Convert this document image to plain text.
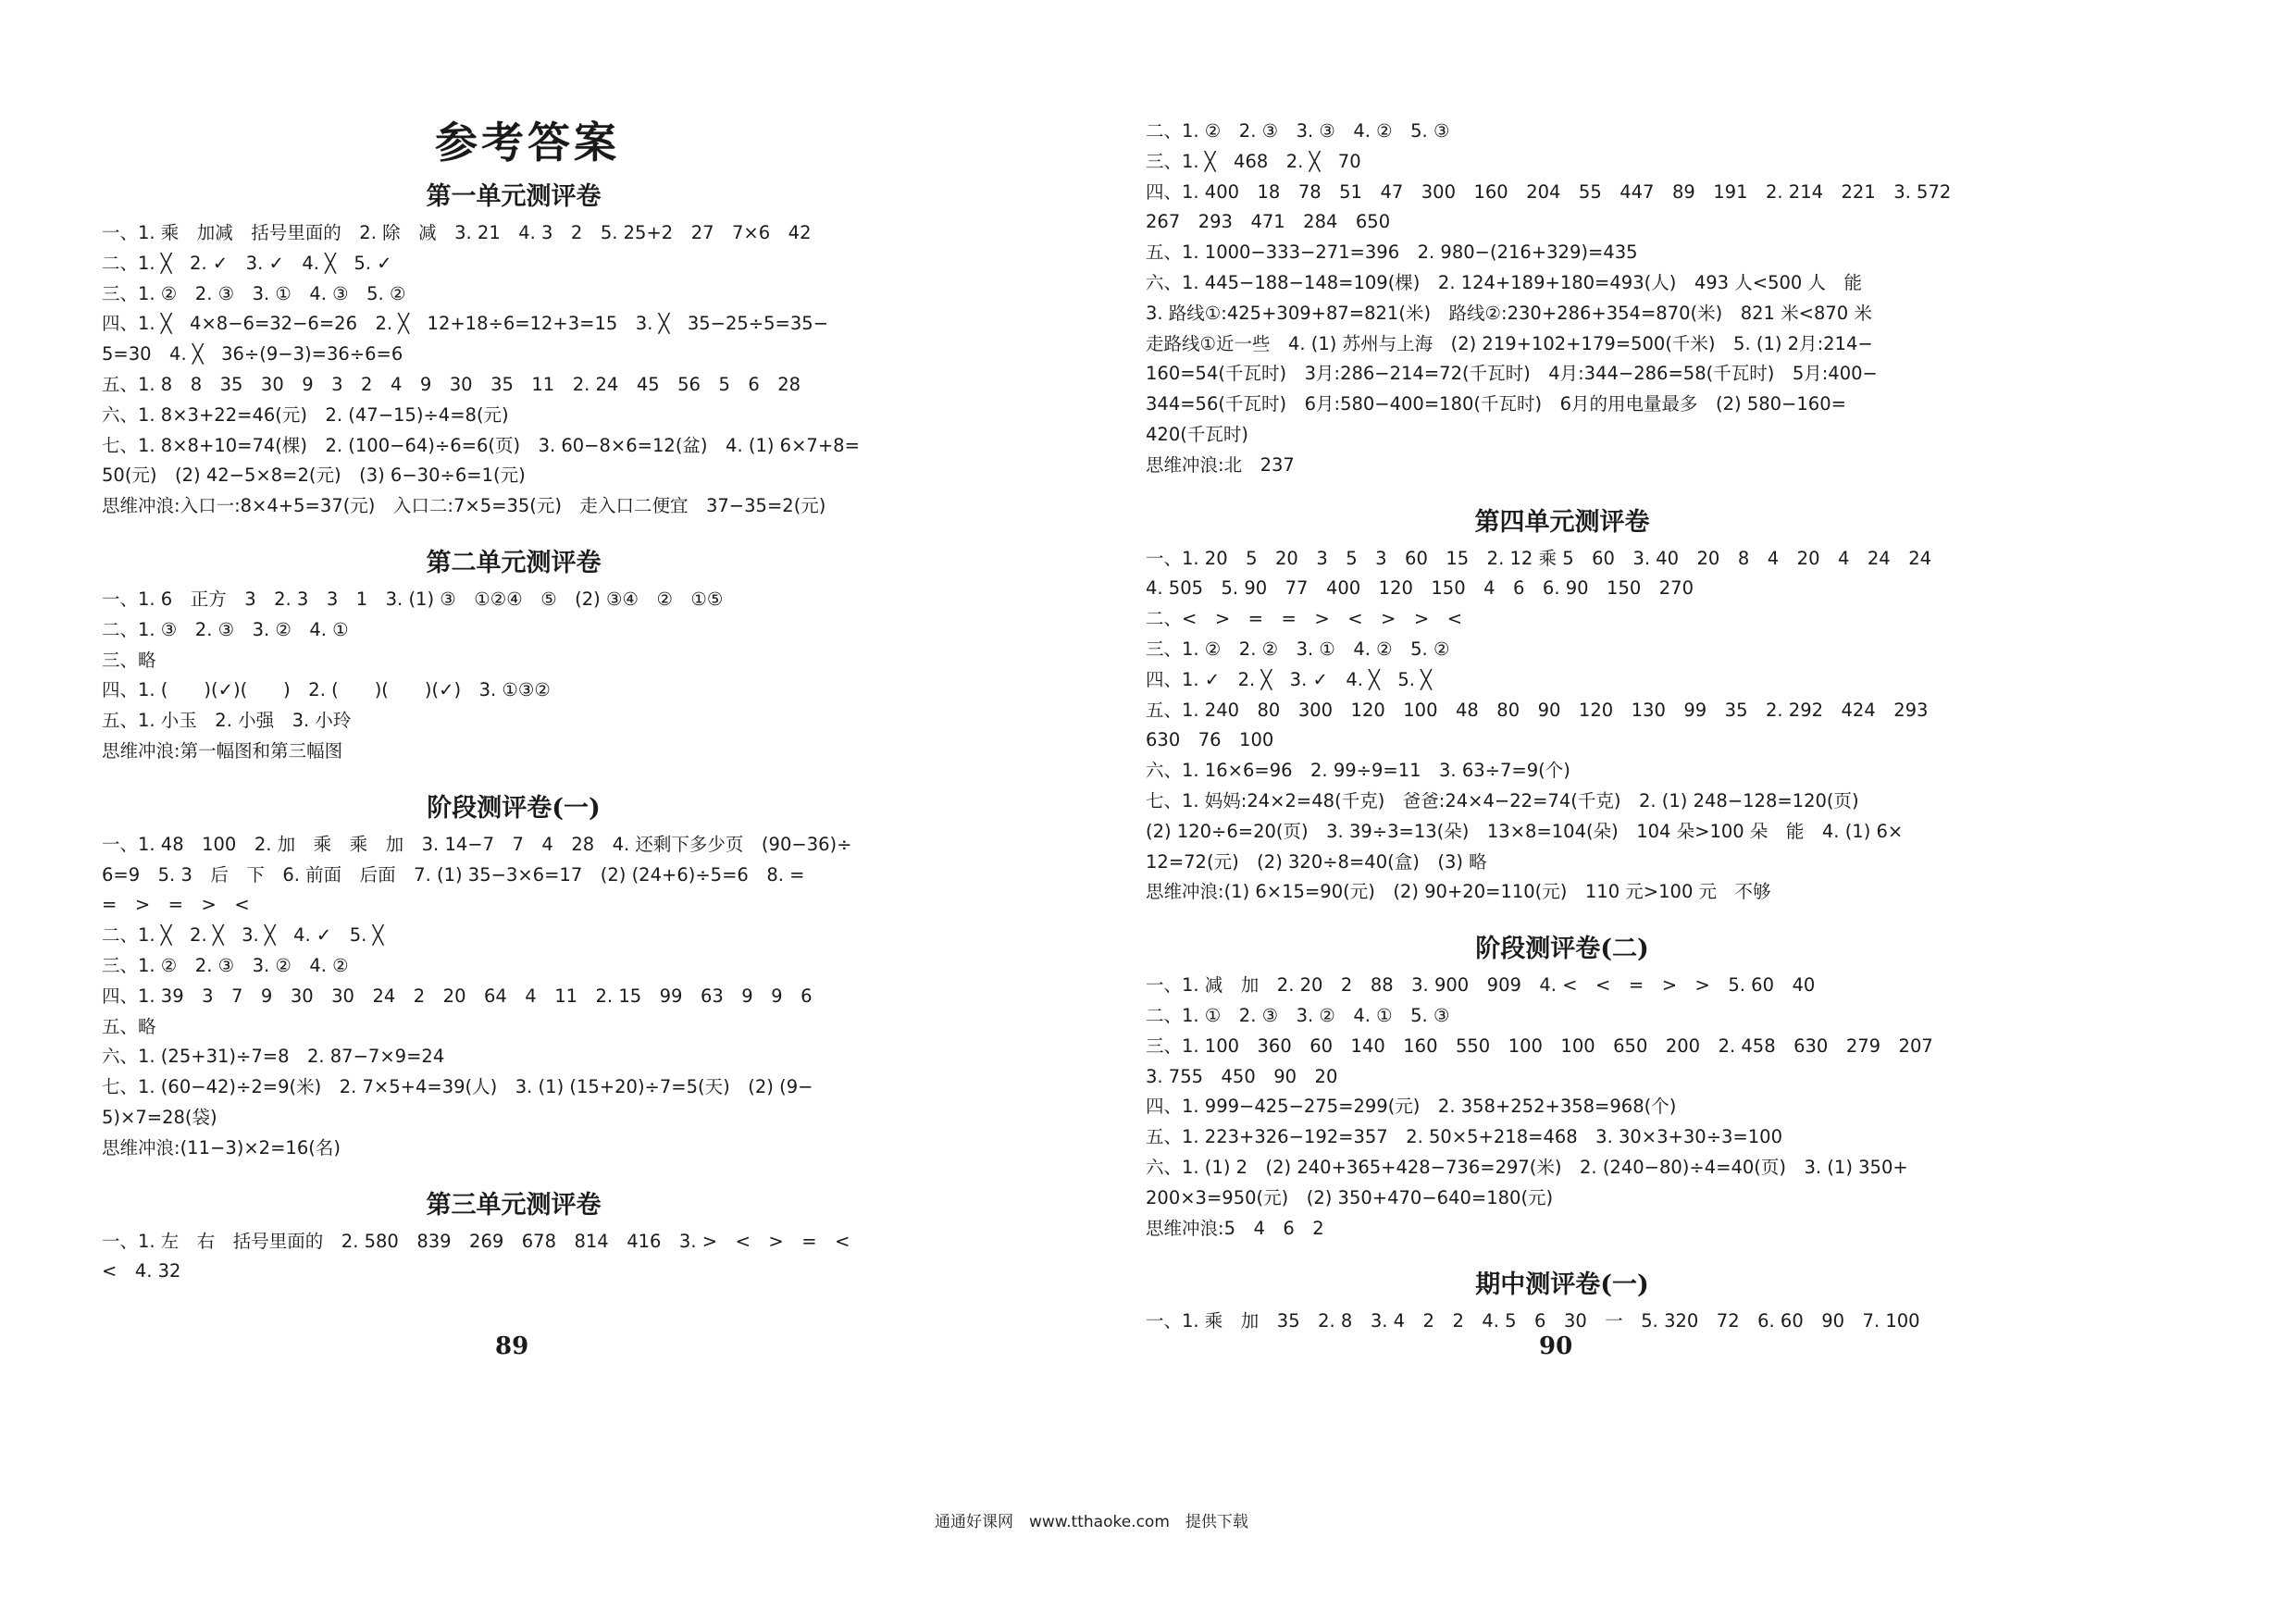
参考答案
第一单元测评卷
一、1. 乘　加减　括号里面的　2. 除　减　3. 21　4. 3　2　5. 25+2　27　7×6　42
二、1. ╳　2. ✓　3. ✓　4. ╳　5. ✓
三、1. ②　2. ③　3. ①　4. ③　5. ②
四、1. ╳　4×8−6=32−6=26　2. ╳　12+18÷6=12+3=15　3. ╳　35−25÷5=35−
5=30　4. ╳　36÷(9−3)=36÷6=6
五、1. 8　8　35　30　9　3　2　4　9　30　35　11　2. 24　45　56　5　6　28
六、1. 8×3+22=46(元)　2. (47−15)÷4=8(元)
七、1. 8×8+10=74(棵)　2. (100−64)÷6=6(页)　3. 60−8×6=12(盆)　4. (1) 6×7+8=
50(元)　(2) 42−5×8=2(元)　(3) 6−30÷6=1(元)
思维冲浪:入口一:8×4+5=37(元)　入口二:7×5=35(元)　走入口二便宜　37−35=2(元)
第二单元测评卷
一、1. 6　正方　3　2. 3　3　1　3. (1) ③　①②④　⑤　(2) ③④　②　①⑤
二、1. ③　2. ③　3. ②　4. ①
三、略
四、1. (　　)(✓)(　　)　2. (　　)(　　)(✓)　3. ①③②
五、1. 小玉　2. 小强　3. 小玲
思维冲浪:第一幅图和第三幅图
阶段测评卷(一)
一、1. 48　100　2. 加　乘　乘　加　3. 14−7　7　4　28　4. 还剩下多少页　(90−36)÷
6=9　5. 3　后　下　6. 前面　后面　7. (1) 35−3×6=17　(2) (24+6)÷5=6　8. =
=　>　=　>　<
二、1. ╳　2. ╳　3. ╳　4. ✓　5. ╳
三、1. ②　2. ③　3. ②　4. ②
四、1. 39　3　7　9　30　30　24　2　20　64　4　11　2. 15　99　63　9　9　6
五、略
六、1. (25+31)÷7=8　2. 87−7×9=24
七、1. (60−42)÷2=9(米)　2. 7×5+4=39(人)　3. (1) (15+20)÷7=5(天)　(2) (9−
5)×7=28(袋)
思维冲浪:(11−3)×2=16(名)
第三单元测评卷
一、1. 左　右　括号里面的　2. 580　839　269　678　814　416　3. >　<　>　=　<
<　4. 32
89
二、1. ②　2. ③　3. ③　4. ②　5. ③
三、1. ╳　468　2. ╳　70
四、1. 400　18　78　51　47　300　160　204　55　447　89　191　2. 214　221　3. 572
267　293　471　284　650
五、1. 1000−333−271=396　2. 980−(216+329)=435
六、1. 445−188−148=109(棵)　2. 124+189+180=493(人)　493 人<500 人　能
3. 路线①:425+309+87=821(米)　路线②:230+286+354=870(米)　821 米<870 米
走路线①近一些　4. (1) 苏州与上海　(2) 219+102+179=500(千米)　5. (1) 2月:214−
160=54(千瓦时)　3月:286−214=72(千瓦时)　4月:344−286=58(千瓦时)　5月:400−
344=56(千瓦时)　6月:580−400=180(千瓦时)　6月的用电量最多　(2) 580−160=
420(千瓦时)
思维冲浪:北　237
第四单元测评卷
一、1. 20　5　20　3　5　3　60　15　2. 12 乘 5　60　3. 40　20　8　4　20　4　24　24
4. 505　5. 90　77　400　120　150　4　6　6. 90　150　270
二、<　>　=　=　>　<　>　>　<
三、1. ②　2. ②　3. ①　4. ②　5. ②
四、1. ✓　2. ╳　3. ✓　4. ╳　5. ╳
五、1. 240　80　300　120　100　48　80　90　120　130　99　35　2. 292　424　293
630　76　100
六、1. 16×6=96　2. 99÷9=11　3. 63÷7=9(个)
七、1. 妈妈:24×2=48(千克)　爸爸:24×4−22=74(千克)　2. (1) 248−128=120(页)
(2) 120÷6=20(页)　3. 39÷3=13(朵)　13×8=104(朵)　104 朵>100 朵　能　4. (1) 6×
12=72(元)　(2) 320÷8=40(盒)　(3) 略
思维冲浪:(1) 6×15=90(元)　(2) 90+20=110(元)　110 元>100 元　不够
阶段测评卷(二)
一、1. 减　加　2. 20　2　88　3. 900　909　4. <　<　=　>　>　5. 60　40
二、1. ①　2. ③　3. ②　4. ①　5. ③
三、1. 100　360　60　140　160　550　100　100　650　200　2. 458　630　279　207
3. 755　450　90　20
四、1. 999−425−275=299(元)　2. 358+252+358=968(个)
五、1. 223+326−192=357　2. 50×5+218=468　3. 30×3+30÷3=100
六、1. (1) 2　(2) 240+365+428−736=297(米)　2. (240−80)÷4=40(页)　3. (1) 350+
200×3=950(元)　(2) 350+470−640=180(元)
思维冲浪:5　4　6　2
期中测评卷(一)
一、1. 乘　加　35　2. 8　3. 4　2　2　4. 5　6　30　一　5. 320　72　6. 60　90　7. 100
90
通通好课网　www.tthaoke.com　提供下载
